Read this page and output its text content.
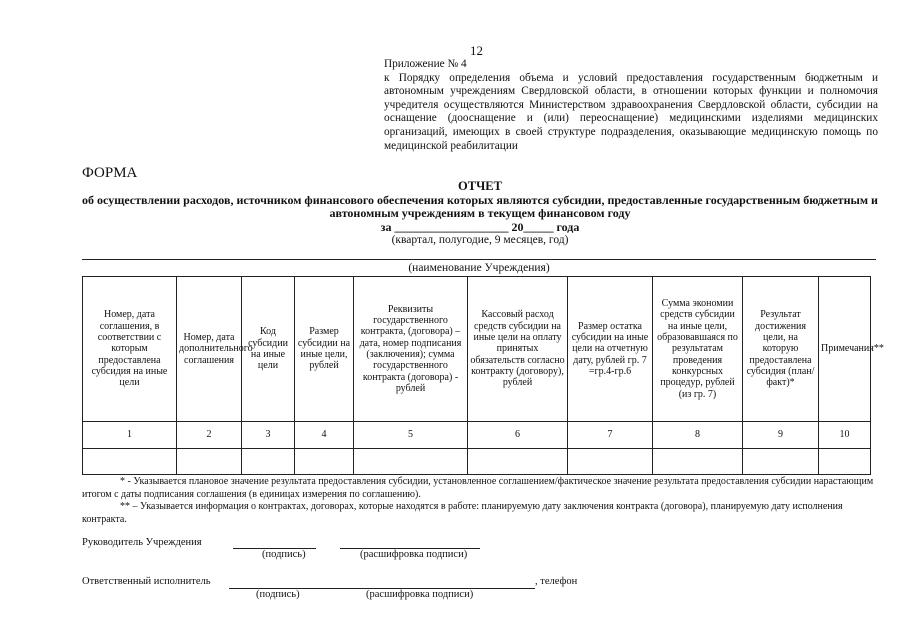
12
Приложение № 4
к Порядку определения объема и условий предоставления государственным бюджетным и автономным учреждениям Свердловской области, в отношении которых функции и полномочия учредителя осуществляются Министерством здравоохранения Свердловской области, субсидии на оснащение (дооснащение и (или) переоснащение) медицинскими изделиями медицинских организаций, имеющих в своей структуре подразделения, оказывающие медицинскую помощь по медицинской реабилитации
ФОРМА
ОТЧЕТ
об осуществлении расходов, источником финансового обеспечения которых являются субсидии, предоставленные государственным бюджетным и автономным учреждениям в текущем финансовом году
за ___________________ 20_____ года
(квартал, полугодие, 9 месяцев, год)
(наименование Учреждения)
Номер, дата соглашения, в соответствии с которым предоставлена субсидия на иные цели	Номер, дата дополнительного соглашения	Код субсидии на иные цели	Размер субсидии на иные цели, рублей	Реквизиты государственного контракта, (договора) – дата, номер подписания (заключения); сумма государственного контракта (договора) - рублей	Кассовый расход средств субсидии на иные цели на оплату принятых обязательств согласно контракту (договору), рублей	Размер остатка субсидии на иные цели на отчетную дату, рублей гр. 7 =гр.4-гр.6	Сумма экономии средств субсидии на иные цели, образовавшаяся по результатам проведения конкурсных процедур, рублей (из гр. 7)	Результат достижения цели, на которую предоставлена субсидия (план/факт)*	Примечания**
1	2	3	4	5	6	7	8	9	10

* - Указывается плановое значение результата предоставления субсидии, установленное соглашением/фактическое значение результата предоставления субсидии нарастающим итогом с даты подписания соглашения (в единицах измерения по соглашению).
** – Указывается информация о контрактах, договорах, которые находятся в работе: планируемую дату заключения контракта (договора), планируемую дату исполнения контракта.
Руководитель Учреждения
(подпись)	(расшифровка подписи)
Ответственный исполнитель	, телефон
(подпись)	(расшифровка подписи)
